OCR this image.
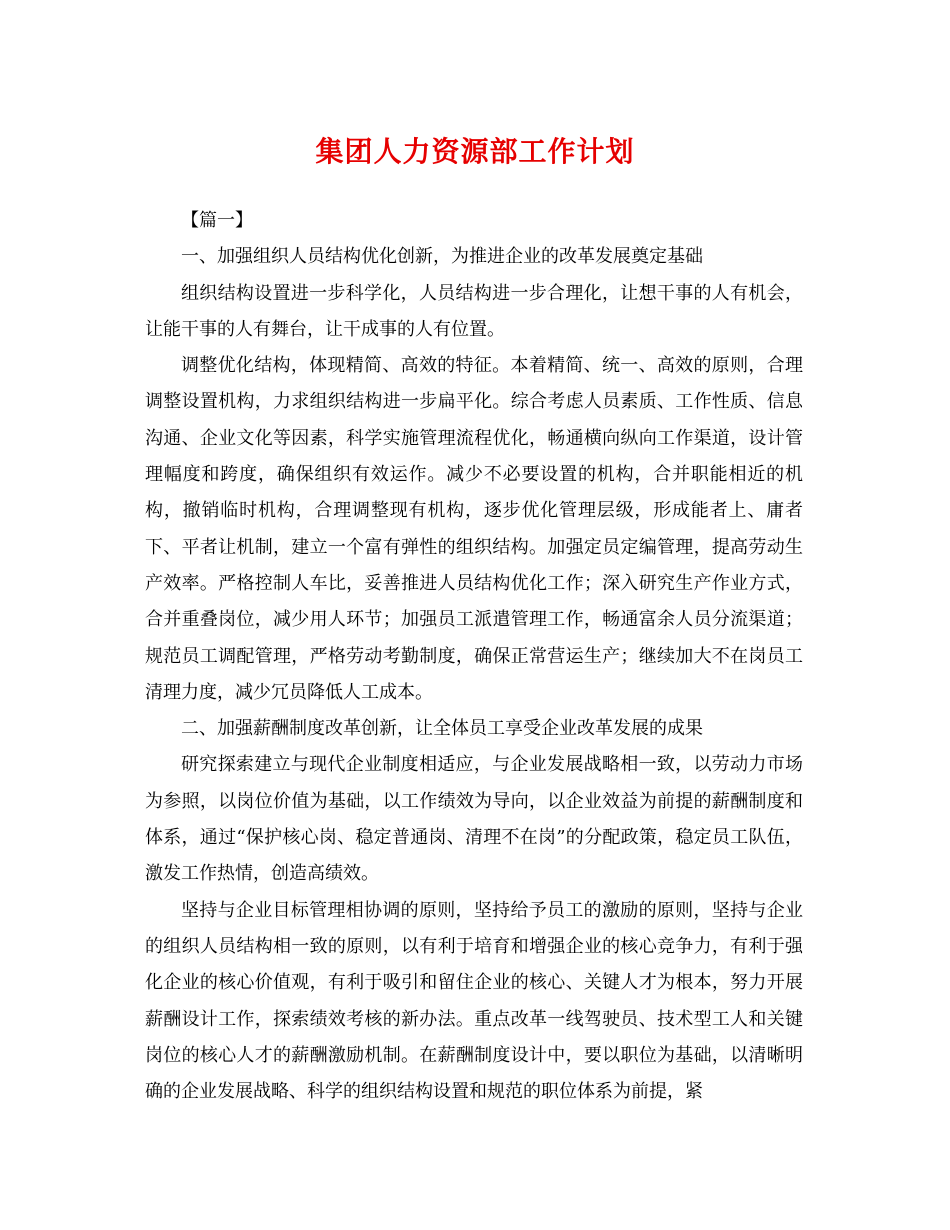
集团人力资源部工作计划

【篇一】

一、加强组织人员结构优化创新，为推进企业的改革发展奠定基础

组织结构设置进一步科学化，人员结构进一步合理化，让想干事的人有机会，让能干事的人有舞台，让干成事的人有位置。

调整优化结构，体现精简、高效的特征。本着精简、统一、高效的原则，合理调整设置机构，力求组织结构进一步扁平化。综合考虑人员素质、工作性质、信息沟通、企业文化等因素，科学实施管理流程优化，畅通横向纵向工作渠道，设计管理幅度和跨度，确保组织有效运作。减少不必要设置的机构，合并职能相近的机构，撤销临时机构，合理调整现有机构，逐步优化管理层级，形成能者上、庸者下、平者让机制，建立一个富有弹性的组织结构。加强定员定编管理，提高劳动生产效率。严格控制人车比，妥善推进人员结构优化工作；深入研究生产作业方式，合并重叠岗位，减少用人环节；加强员工派遣管理工作，畅通富余人员分流渠道；规范员工调配管理，严格劳动考勤制度，确保正常营运生产；继续加大不在岗员工清理力度，减少冗员降低人工成本。

二、加强薪酬制度改革创新，让全体员工享受企业改革发展的成果

研究探索建立与现代企业制度相适应，与企业发展战略相一致，以劳动力市场为参照，以岗位价值为基础，以工作绩效为导向，以企业效益为前提的薪酬制度和体系，通过“保护核心岗、稳定普通岗、清理不在岗”的分配政策，稳定员工队伍，激发工作热情，创造高绩效。

坚持与企业目标管理相协调的原则，坚持给予员工的激励的原则，坚持与企业的组织人员结构相一致的原则，以有利于培育和增强企业的核心竞争力，有利于强化企业的核心价值观，有利于吸引和留住企业的核心、关键人才为根本，努力开展薪酬设计工作，探索绩效考核的新办法。重点改革一线驾驶员、技术型工人和关键岗位的核心人才的薪酬激励机制。在薪酬制度设计中，要以职位为基础，以清晰明确的企业发展战略、科学的组织结构设置和规范的职位体系为前提，紧
